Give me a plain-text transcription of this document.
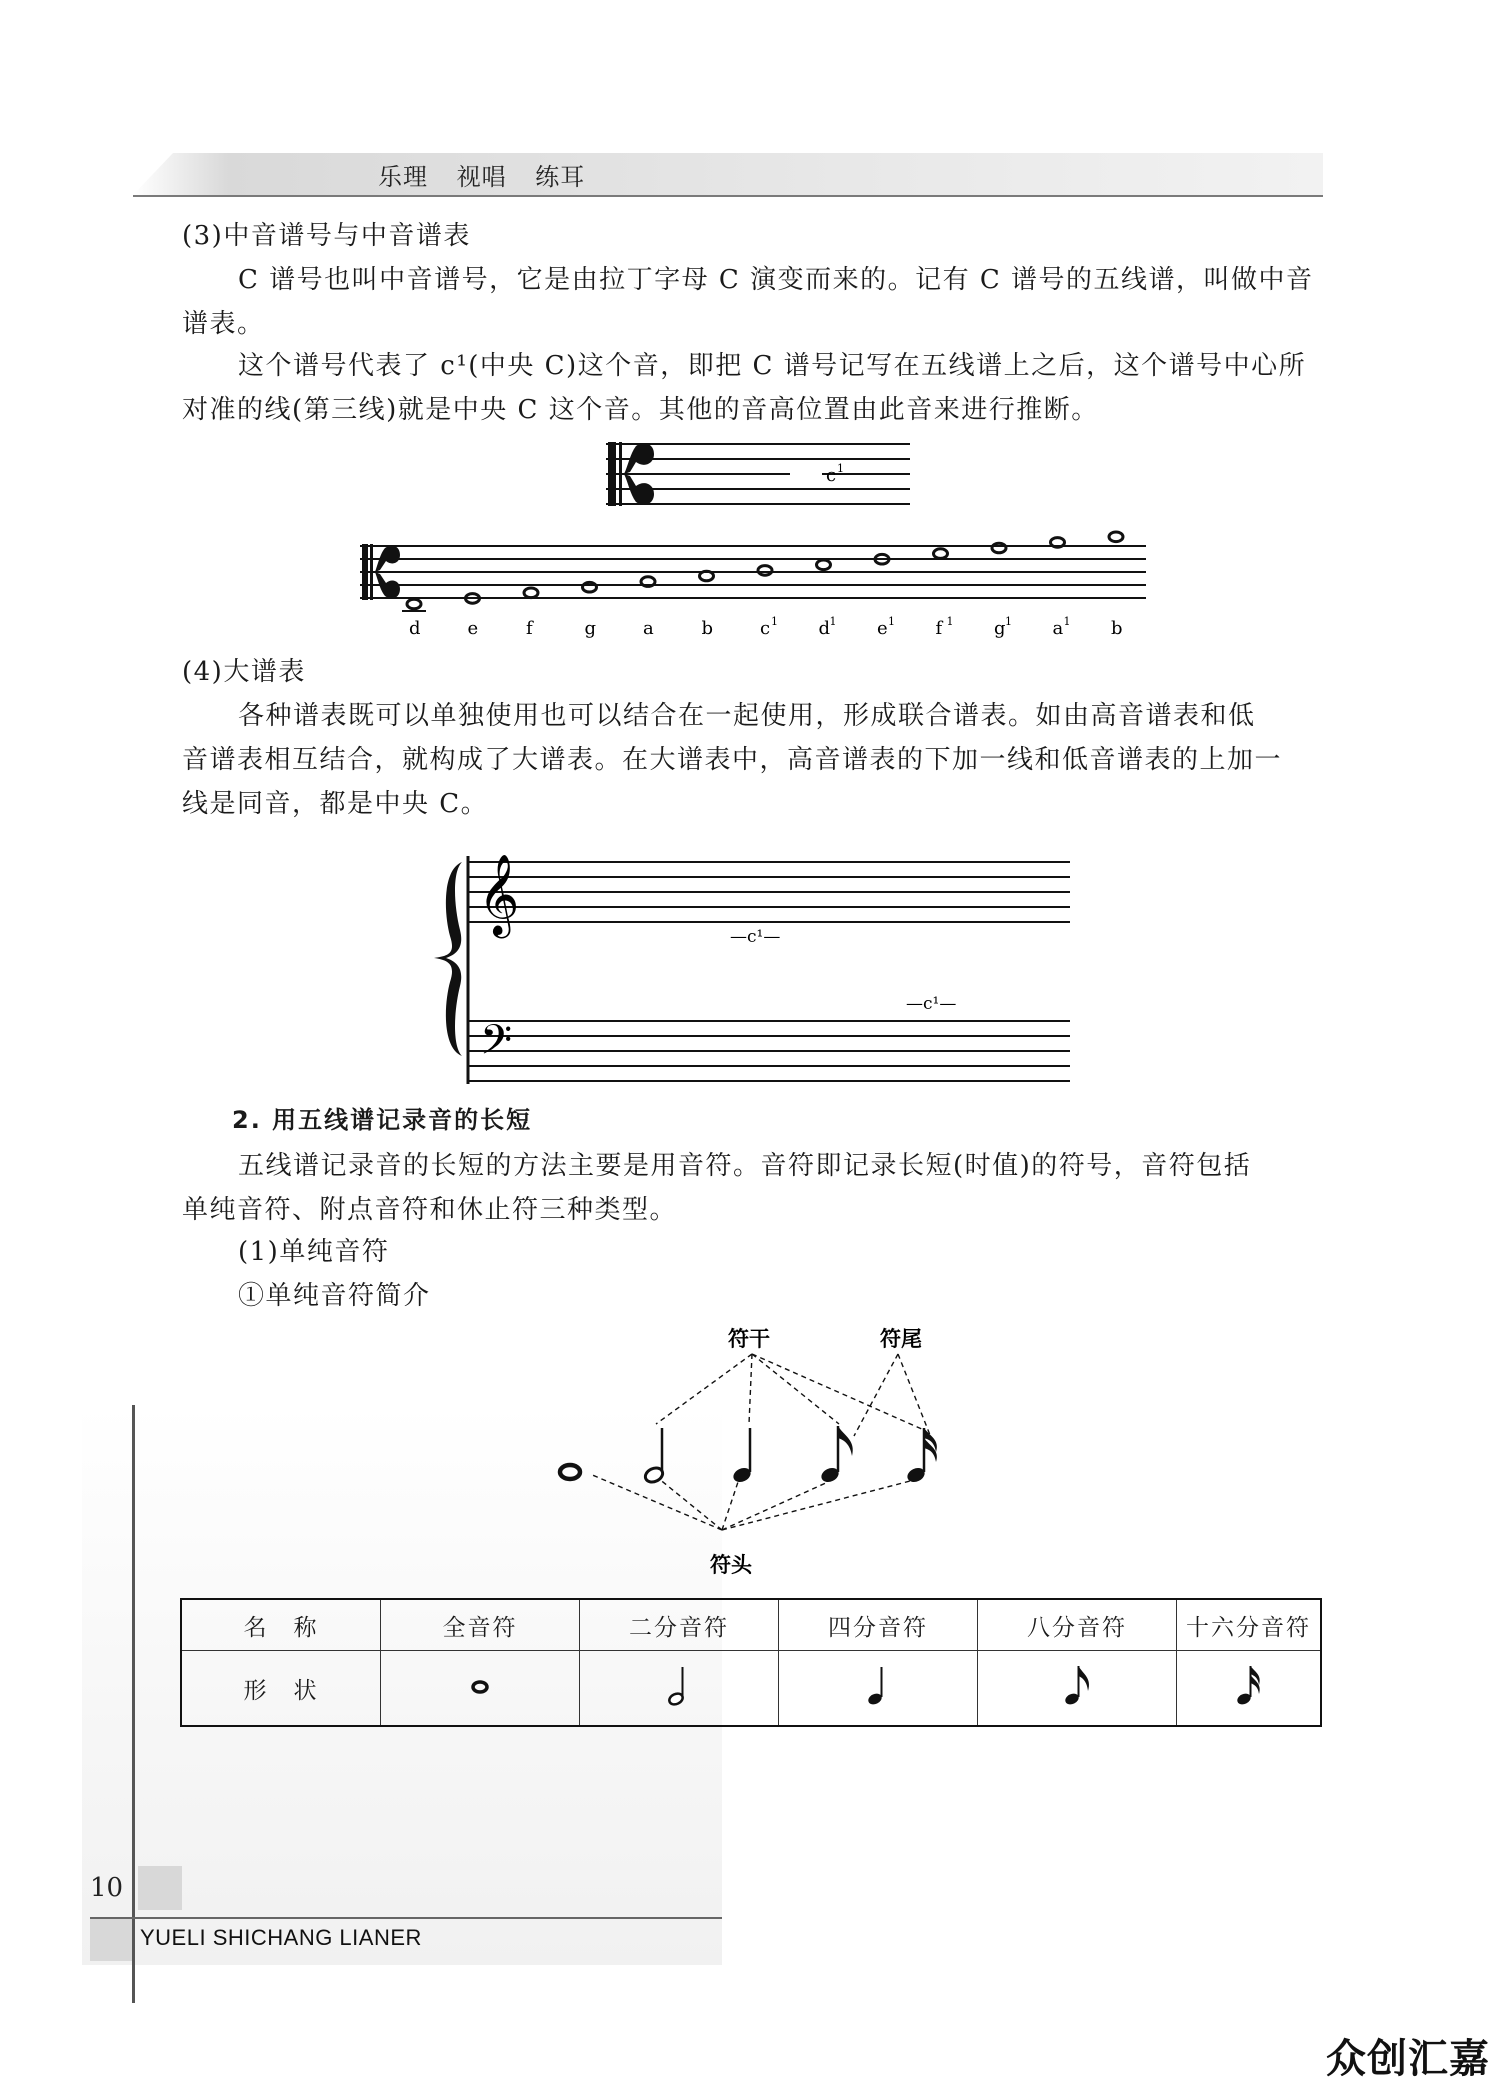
乐理 视唱 练耳
(3)中音谱号与中音谱表
C 谱号也叫中音谱号，它是由拉丁字母 C 演变而来的。记有 C 谱号的五线谱，叫做中音
谱表。
这个谱号代表了 c¹(中央 C)这个音，即把 C 谱号记写在五线谱上之后，这个谱号中心所
对准的线(第三线)就是中央 C 这个音。其他的音高位置由此音来进行推断。
c 1
d	e	f	g	a	b	c 1 d 1 e 1 f 1 g 1 a 1 b
(4)大谱表
各种谱表既可以单独使用也可以结合在一起使用，形成联合谱表。如由高音谱表和低
音谱表相互结合，就构成了大谱表。在大谱表中，高音谱表的下加一线和低音谱表的上加一
线是同音，都是中央 C。
𝄞
𝄢
—c¹—
—c¹—
2. 用五线谱记录音的长短
五线谱记录音的长短的方法主要是用音符。音符即记录长短(时值)的符号，音符包括
单纯音符、附点音符和休止符三种类型。
(1)单纯音符
①单纯音符简介
符干	符尾
符头
名　称	全音符	二分音符	四分音符	八分音符	十六分音符
形　状					
10
YUELI SHICHANG LIANER
众创汇嘉
